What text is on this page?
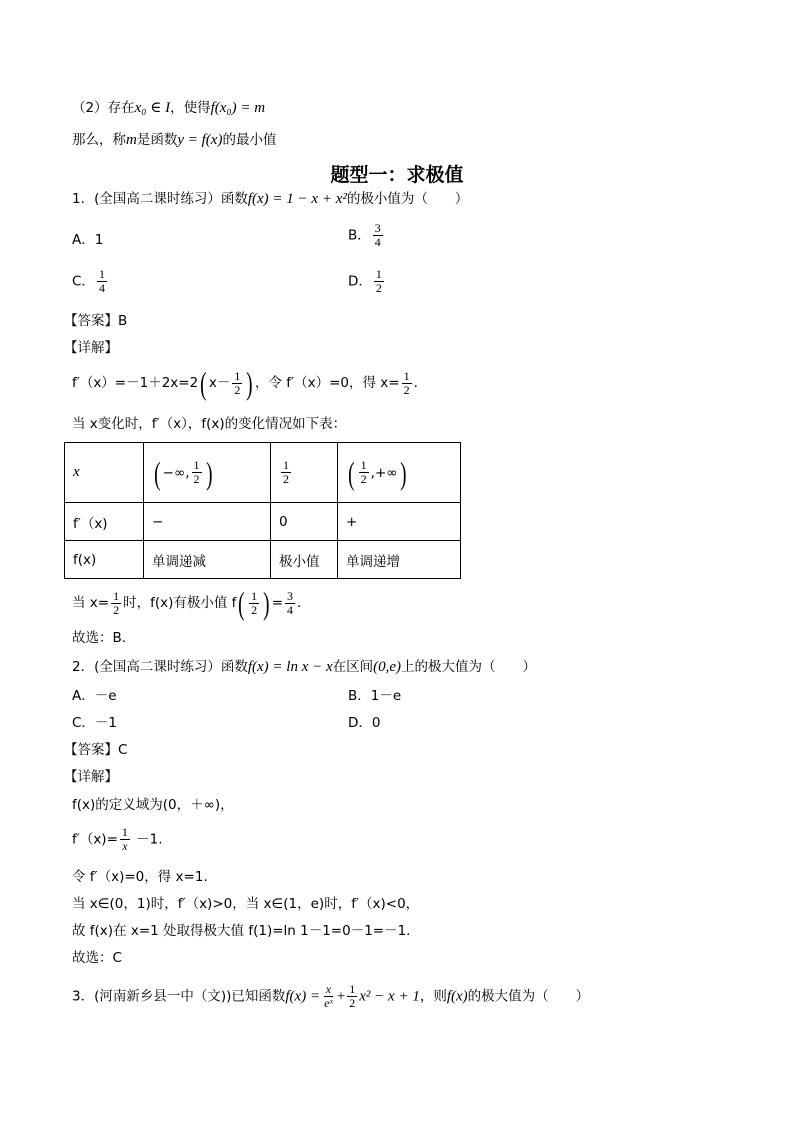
（2）存在x₀ ∈ I，使得f(x₀) = m
那么，称m是函数y = f(x)的最小值
题型一：求极值
1．(全国高二课时练习）函数f(x) = 1 − x + x²的极小值为（　　）
A．1	B． $\frac{3}{4}$
C． $\frac{1}{4}$	D． $\frac{1}{2}$
【答案】B
【详解】
f′（x）=－1＋2x=2 ( $x- \frac{1}{2}$ ) ，令 f′（x）=0，得 $x= \frac{1}{2}$ .
当 x变化时，f′（x），f(x)的变化情况如下表：
x	( −∞, $\frac{1}{2}$ )	$\frac{1}{2}$	( $\frac{1}{2}$ ,+∞ )

f′（x)	−	0	+
f(x)	单调递减	极小值	单调递增
当 $x= \frac{1}{2}$ 时，f(x)有极小值 f ( $\frac{1}{2}$ ) = $\frac{3}{4}$ .
故选：B.
2．(全国高二课时练习）函数f(x) = ln x − x在区间(0,e)上的极大值为（　　）
A．－e	B．1－e
C．－1	D．0
【答案】C
【详解】
f(x)的定义域为(0，＋∞)，
$f'(x)= \frac{1}{x} -1$.
令 f′（x)=0，得 x=1.
当 x∈(0，1)时，f′（x)>0，当 x∈(1，e)时，f′（x)<0，
故 f(x)在 x=1 处取得极大值 f(1)=ln 1－1=0－1=－1.
故选：C
3．(河南新乡县一中（文))已知函数$f(x) = \frac{x}{\text{eˣ}} + \frac{1}{2} x^2 - x + 1$，则f(x)的极大值为（　　）
